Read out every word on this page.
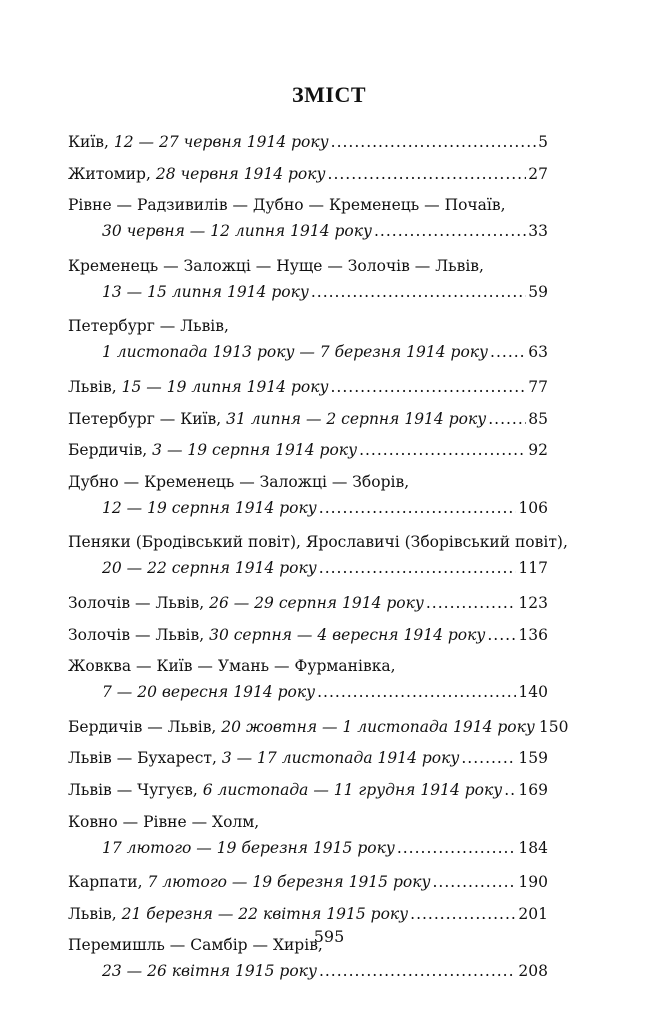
ЗМІСТ
Київ, 12 — 27 червня 1914 року .....	5
Житомир, 28 червня 1914 року .....	27
Рівне — Радзивилів — Дубно — Кременець — Почаїв,
30 червня — 12 липня 1914 року .....	33
Кременець — Заложці — Нуще — Золочів — Львів,
13 — 15 липня 1914 року .....	59
Петербург — Львів,
1 листопада 1913 року — 7 березня 1914 року .....	63
Львів, 15 — 19 липня 1914 року .....	77
Петербург — Київ, 31 липня — 2 серпня 1914 року .....	85
Бердичів, 3 — 19 серпня 1914 року .....	92
Дубно — Кременець — Заложці — Зборів,
12 — 19 серпня 1914 року .....	106
Пеняки (Бродівський повіт), Ярославичі (Зборівський повіт),
20 — 22 серпня 1914 року .....	117
Золочів — Львів, 26 — 29 серпня 1914 року .....	123
Золочів — Львів, 30 серпня — 4 вересня 1914 року ..... 136
Жовква — Київ — Умань — Фурманівка,
7 — 20 вересня 1914 року .....	140
Бердичів — Львів, 20 жовтня — 1 листопада 1914 року 150
Львів — Бухарест, 3 — 17 листопада 1914 року .....	159
Львів — Чугуєв, 6 листопада — 11 грудня 1914 року ..... 169
Ковно — Рівне — Холм,
17 лютого — 19 березня 1915 року .....	184
Карпати, 7 лютого — 19 березня 1915 року .....	190
Львів, 21 березня — 22 квітня 1915 року .....	201
Перемишль — Самбір — Хирів,
23 — 26 квітня 1915 року .....	208
595
